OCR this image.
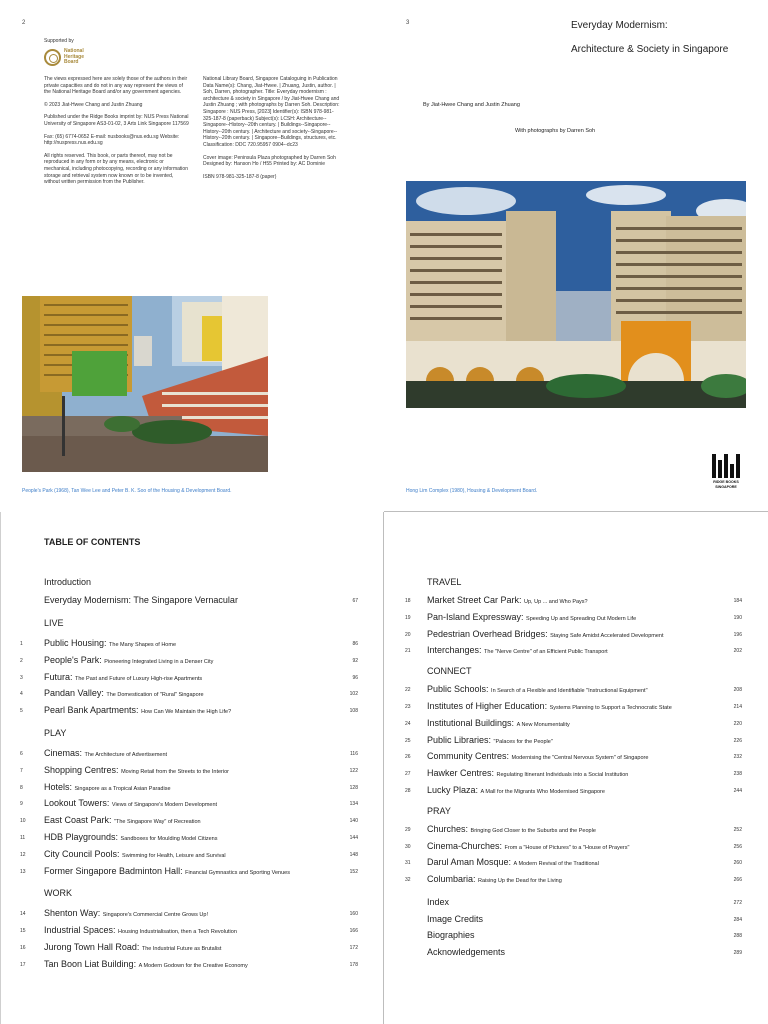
2
Supported by
National
Heritage
Board

The views expressed here are solely those of the authors in their private capacities and do not in any way represent the views of the National Heritage Board and/or any government agencies.

© 2023 Jiat-Hwee Chang and Justin Zhuang

Published under the Ridge Books imprint by: NUS Press National University of Singapore AS3-01-02, 3 Arts Link Singapore 117569

Fax: (65) 6774-0652 E-mail: nusbooks@nus.edu.sg Website: http://nuspress.nus.edu.sg

All rights reserved. This book, or parts thereof, may not be reproduced in any form or by any means, electronic or mechanical, including photocopying, recording or any information storage and retrieval system now known or to be invented, without written permission from the Publisher.

National Library Board, Singapore Cataloguing in Publication Data Name(s): Chang, Jiat-Hwee. | Zhuang, Justin, author. | Soh, Darren, photographer. Title: Everyday modernism : architecture & society in Singapore / by Jiat-Hwee Chang and Justin Zhuang ; with photographs by Darren Soh. Description: Singapore : NUS Press, [2023] Identifier(s): ISBN 978-981-325-187-8 (paperback) Subject(s): LCSH: Architecture--Singapore--History--20th century. | Buildings--Singapore--History--20th century. | Architecture and society--Singapore--History--20th century. | Singapore--Buildings, structures, etc. Classification: DDC 720.95957 0904--dc23

Cover image: Peninsula Plaza photographed by Darren Soh Designed by: Hanson Ho / H55 Printed by: AC Dominie

ISBN 978-981-325-187-8 (paper)

People's Park (1968), Tan Wee Lee and Peter B. K. Soo of the Housing & Development Board.
3	Everyday Modernism:
Architecture & Society in Singapore
By Jiat-Hwee Chang and Justin Zhuang
With photographs by Darren Soh
Hong Lim Complex (1980), Housing & Development Board.
RIDGE BOOKS
SINGAPORE
TABLE OF CONTENTS
Introduction
Everyday Modernism: The Singapore Vernacular	67
LIVE
1 Public Housing: The Many Shapes of Home	86
2 People's Park: Pioneering Integrated Living in a Denser City	92
3 Futura: The Past and Future of Luxury High-rise Apartments	96
4 Pandan Valley: The Domestication of "Rural" Singapore	102
5 Pearl Bank Apartments: How Can We Maintain the High Life?	108
PLAY
6 Cinemas: The Architecture of Advertisement	116
7 Shopping Centres: Moving Retail from the Streets to the Interior	122
8 Hotels: Singapore as a Tropical Asian Paradise	128
9 Lookout Towers: Views of Singapore's Modern Development	134
10 East Coast Park: "The Singapore Way" of Recreation	140
11 HDB Playgrounds: Sandboxes for Moulding Model Citizens	144
12 City Council Pools: Swimming for Health, Leisure and Survival	148
13 Former Singapore Badminton Hall: Financial Gymnastics and Sporting Venues	152
WORK
14 Shenton Way: Singapore's Commercial Centre Grows Up!	160
15 Industrial Spaces: Housing Industrialisation, then a Tech Revolution	166
16 Jurong Town Hall Road: The Industrial Future as Brutalist	172
17 Tan Boon Liat Building: A Modern Godown for the Creative Economy	178
TRAVEL
18 Market Street Car Park: Up, Up ... and Who Pays?	184
19 Pan-Island Expressway: Speeding Up and Spreading Out Modern Life	190
20 Pedestrian Overhead Bridges: Staying Safe Amidst Accelerated Development	196
21 Interchanges: The "Nerve Centre" of an Efficient Public Transport	202
CONNECT
22 Public Schools: In Search of a Flexible and Identifiable "Instructional Equipment"	208
23 Institutes of Higher Education: Systems Planning to Support a Technocratic State	214
24 Institutional Buildings: A New Monumentality	220
25 Public Libraries: "Palaces for the People"	226
26 Community Centres: Modernising the "Central Nervous System" of Singapore	232
27 Hawker Centres: Regulating Itinerant Individuals into a Social Institution	238
28 Lucky Plaza: A Mall for the Migrants Who Modernised Singapore	244
PRAY
29 Churches: Bringing God Closer to the Suburbs and the People	252
30 Cinema-Churches: From a "House of Pictures" to a "House of Prayers"	256
31 Darul Aman Mosque: A Modern Revival of the Traditional	260
32 Columbaria: Raising Up the Dead for the Living	266
Index	272
Image Credits	284
Biographies	288
Acknowledgements	289
